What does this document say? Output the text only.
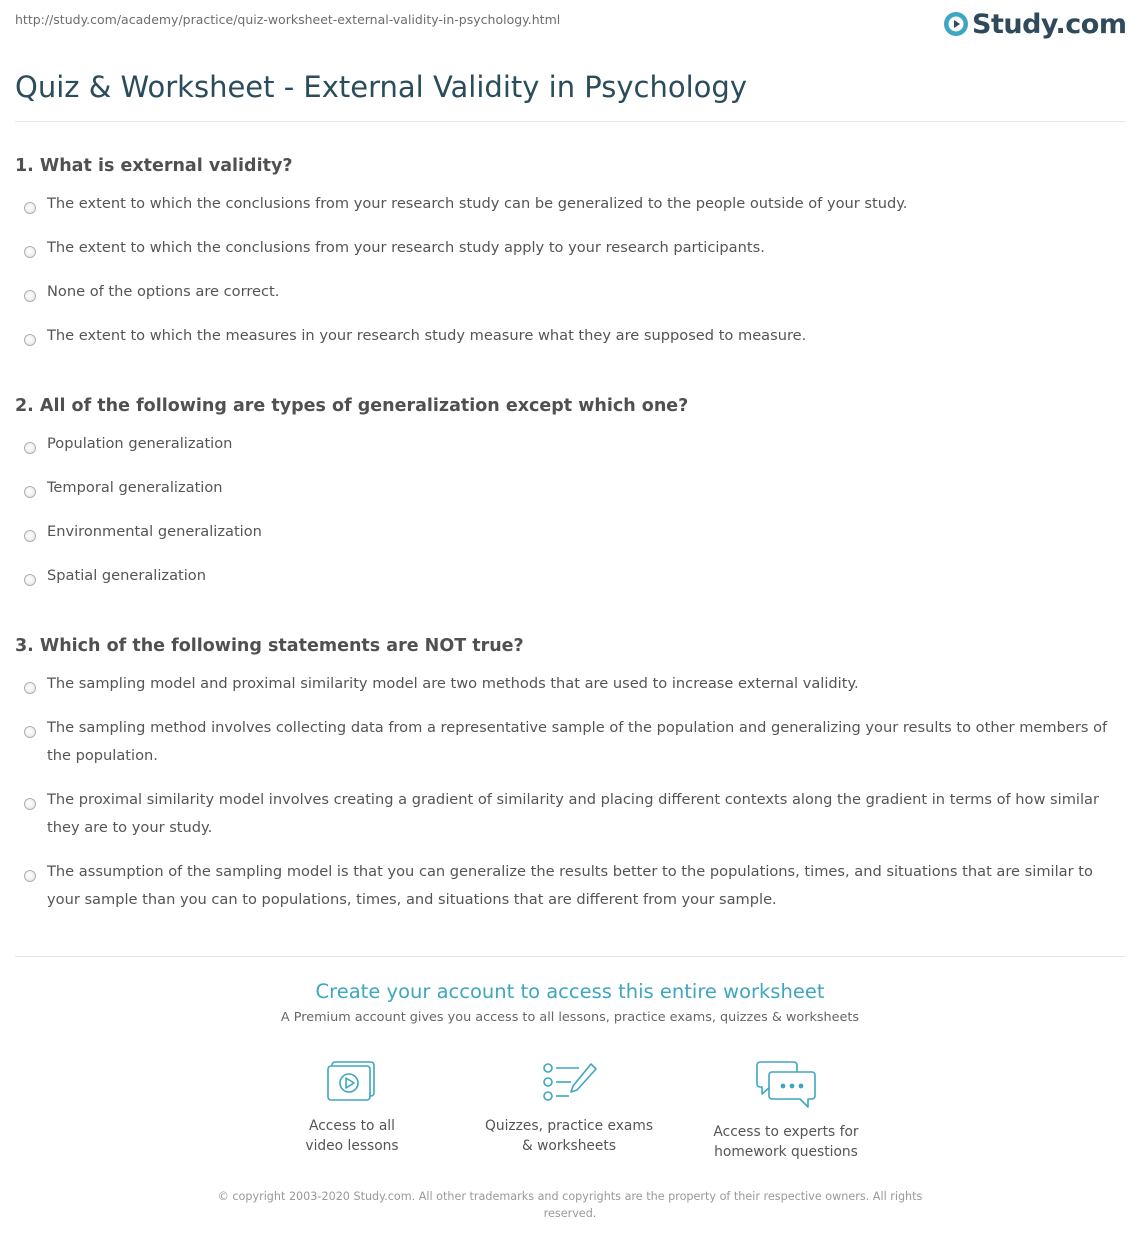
http://study.com/academy/practice/quiz-worksheet-external-validity-in-psychology.html	Study.com
Quiz & Worksheet - External Validity in Psychology
1. What is external validity?
The extent to which the conclusions from your research study can be generalized to the people outside of your study.
The extent to which the conclusions from your research study apply to your research participants.
None of the options are correct.
The extent to which the measures in your research study measure what they are supposed to measure.
2. All of the following are types of generalization except which one?
Population generalization
Temporal generalization
Environmental generalization
Spatial generalization
3. Which of the following statements are NOT true?
The sampling model and proximal similarity model are two methods that are used to increase external validity.
The sampling method involves collecting data from a representative sample of the population and generalizing your results to other members of the population.
The proximal similarity model involves creating a gradient of similarity and placing different contexts along the gradient in terms of how similar they are to your study.
The assumption of the sampling model is that you can generalize the results better to the populations, times, and situations that are similar to your sample than you can to populations, times, and situations that are different from your sample.
Create your account to access this entire worksheet
A Premium account gives you access to all lessons, practice exams, quizzes & worksheets
Access to all
video lessons
Quizzes, practice exams
& worksheets
Access to experts for
homework questions
© copyright 2003-2020 Study.com. All other trademarks and copyrights are the property of their respective owners. All rights reserved.
